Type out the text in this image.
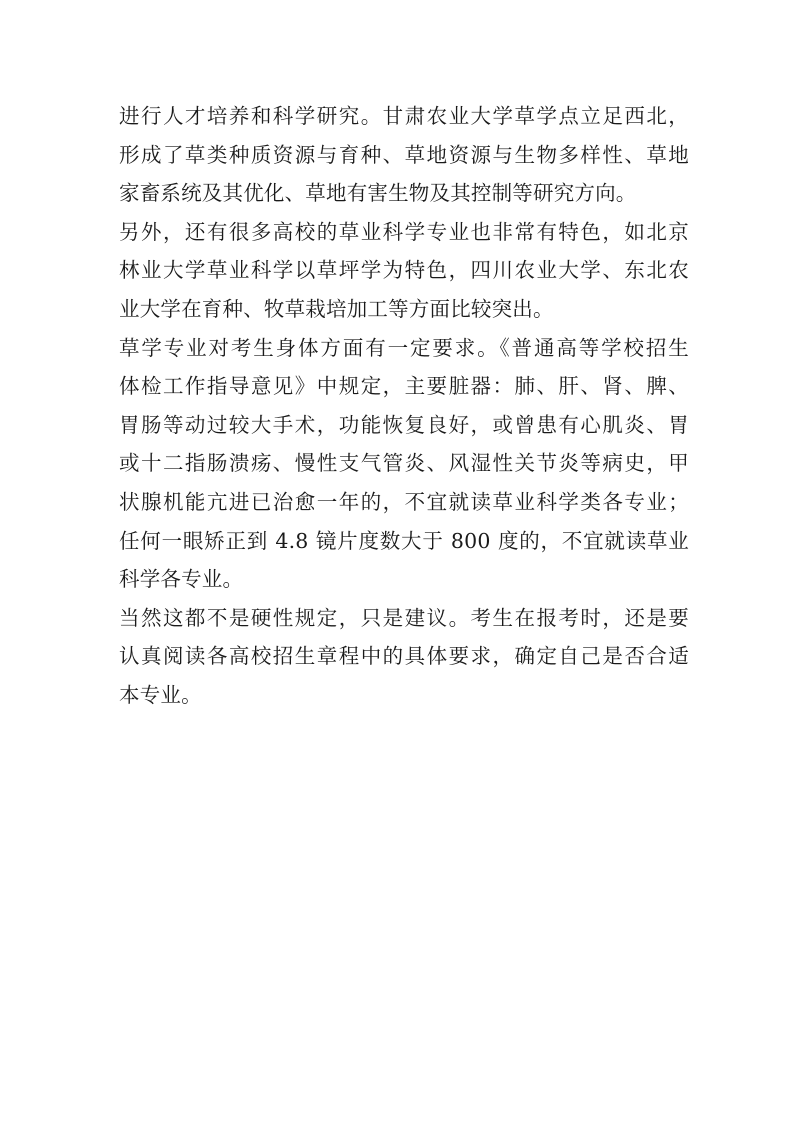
进行人才培养和科学研究。甘肃农业大学草学点立足西北，
形成了草类种质资源与育种、草地资源与生物多样性、草地
家畜系统及其优化、草地有害生物及其控制等研究方向。
另外，还有很多高校的草业科学专业也非常有特色，如北京
林业大学草业科学以草坪学为特色，四川农业大学、东北农
业大学在育种、牧草栽培加工等方面比较突出。
草学专业对考生身体方面有一定要求。《普通高等学校招生
体检工作指导意见》中规定，主要脏器：肺、肝、肾、脾、
胃肠等动过较大手术，功能恢复良好，或曾患有心肌炎、胃
或十二指肠溃疡、慢性支气管炎、风湿性关节炎等病史，甲
状腺机能亢进已治愈一年的，不宜就读草业科学类各专业；
任何一眼矫正到 4.8 镜片度数大于 800 度的，不宜就读草业
科学各专业。
当然这都不是硬性规定，只是建议。考生在报考时，还是要
认真阅读各高校招生章程中的具体要求，确定自己是否合适
本专业。
